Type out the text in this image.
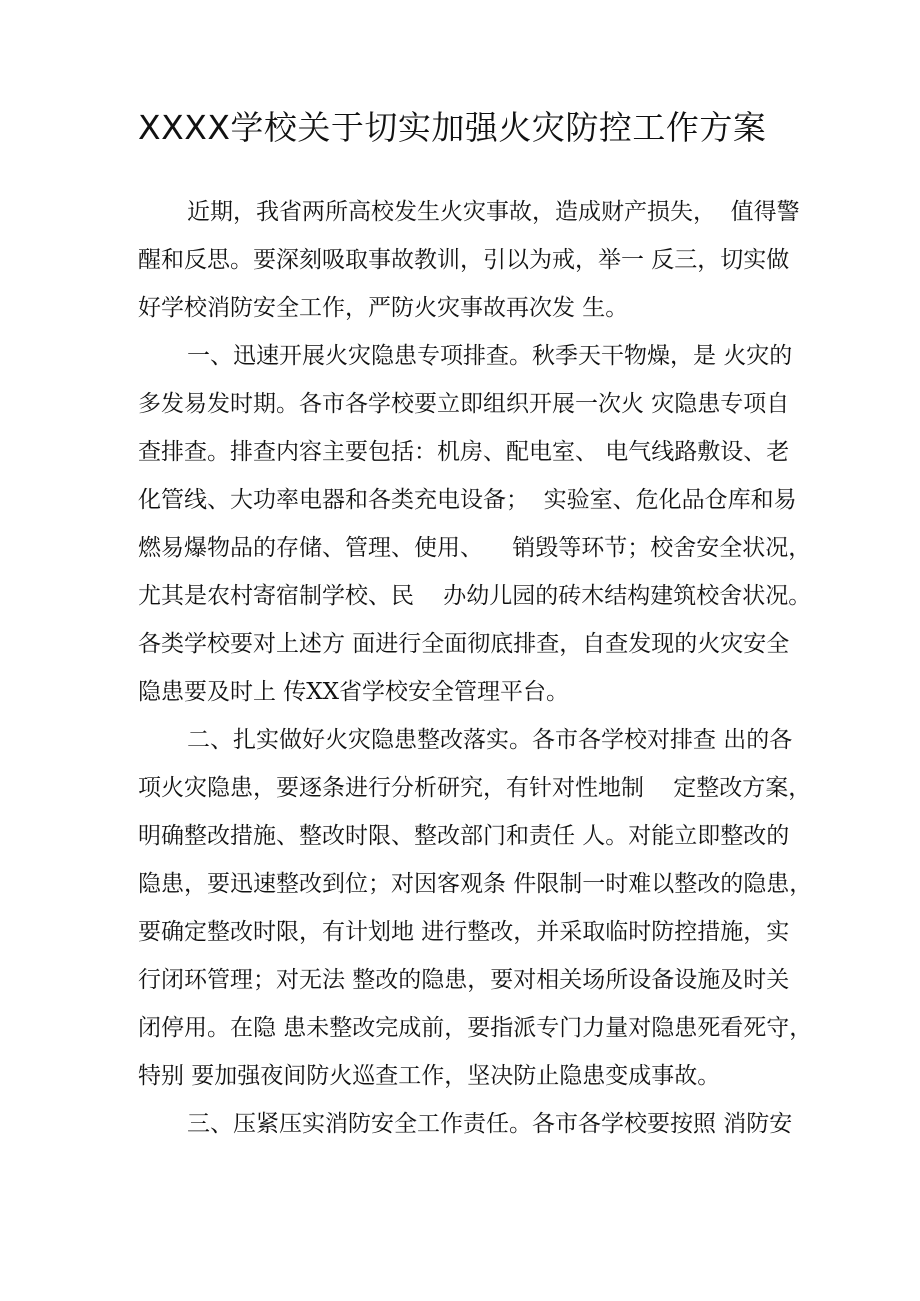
XXXX学校关于切实加强火灾防控工作方案

近期，我省两所高校发生火灾事故，造成财产损失，  值得警

醒和反思。要深刻吸取事故教训，引以为戒，举一 反三，切实做

好学校消防安全工作，严防火灾事故再次发 生。

一、迅速开展火灾隐患专项排查。秋季天干物燥，是 火灾的

多发易发时期。各市各学校要立即组织开展一次火 灾隐患专项自

查排查。排查内容主要包括：机房、配电室、 电气线路敷设、老

化管线、大功率电器和各类充电设备；  实验室、危化品仓库和易

燃易爆物品的存储、管理、使用、    销毁等环节；校舍安全状况，

尤其是农村寄宿制学校、民    办幼儿园的砖木结构建筑校舍状况。

各类学校要对上述方 面进行全面彻底排查，自查发现的火灾安全

隐患要及时上 传XX省学校安全管理平台。

二、扎实做好火灾隐患整改落实。各市各学校对排查 出的各

项火灾隐患，要逐条进行分析研究，有针对性地制    定整改方案，

明确整改措施、整改时限、整改部门和责任 人。对能立即整改的

隐患，要迅速整改到位；对因客观条 件限制一时难以整改的隐患，

要确定整改时限，有计划地 进行整改，并采取临时防控措施，实

行闭环管理；对无法 整改的隐患，要对相关场所设备设施及时关

闭停用。在隐 患未整改完成前，要指派专门力量对隐患死看死守，

特别 要加强夜间防火巡查工作，坚决防止隐患变成事故。

三、压紧压实消防安全工作责任。各市各学校要按照 消防安
